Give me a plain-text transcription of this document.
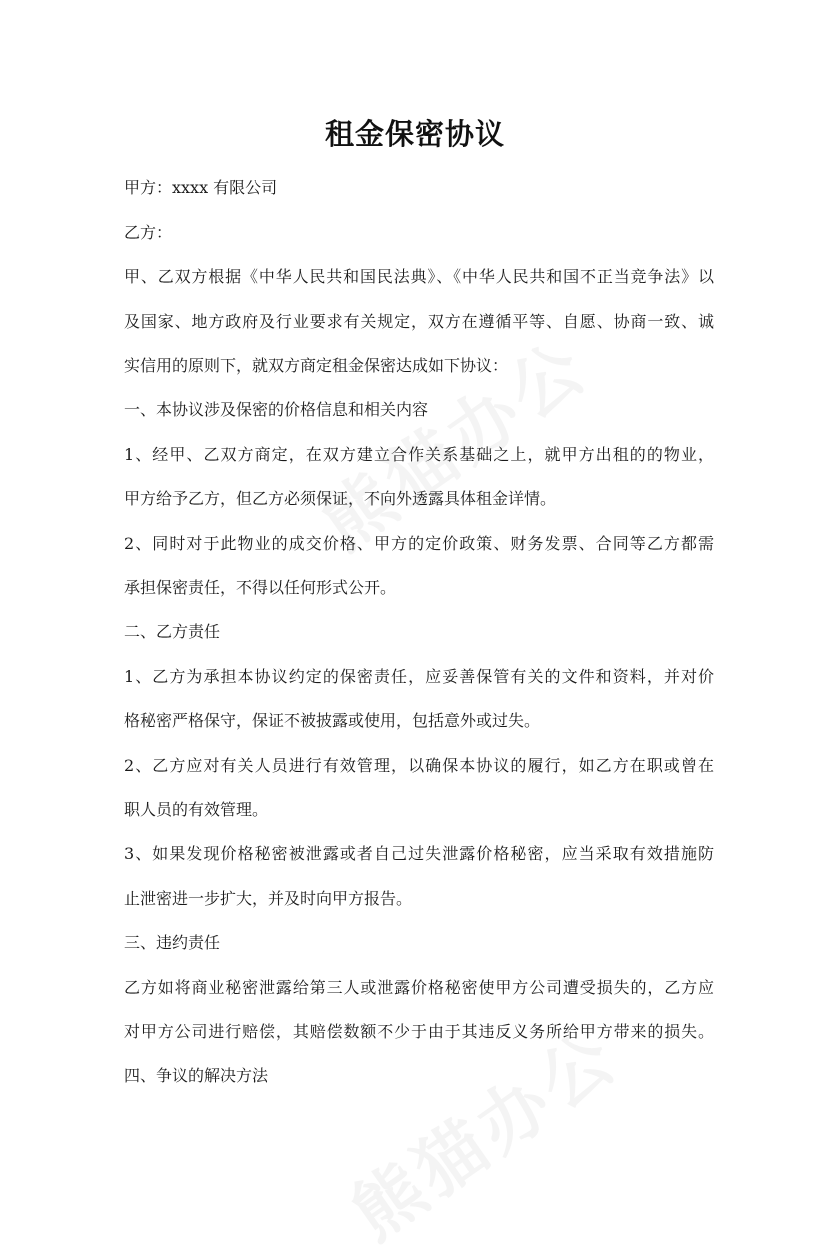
租金保密协议

甲方：xxxx 有限公司

乙方：

甲、乙双方根据《中华人民共和国民法典》、《中华人民共和国不正当竞争法》以

及国家、地方政府及行业要求有关规定，双方在遵循平等、自愿、协商一致、诚

实信用的原则下，就双方商定租金保密达成如下协议：

一、本协议涉及保密的价格信息和相关内容

1、经甲、乙双方商定，在双方建立合作关系基础之上，就甲方出租的的物业，

甲方给予乙方，但乙方必须保证，不向外透露具体租金详情。

2、同时对于此物业的成交价格、甲方的定价政策、财务发票、合同等乙方都需

承担保密责任，不得以任何形式公开。

二、乙方责任

1、乙方为承担本协议约定的保密责任，应妥善保管有关的文件和资料，并对价

格秘密严格保守，保证不被披露或使用，包括意外或过失。

2、乙方应对有关人员进行有效管理，以确保本协议的履行，如乙方在职或曾在

职人员的有效管理。

3、如果发现价格秘密被泄露或者自己过失泄露价格秘密，应当采取有效措施防

止泄密进一步扩大，并及时向甲方报告。

三、违约责任

乙方如将商业秘密泄露给第三人或泄露价格秘密使甲方公司遭受损失的，乙方应

对甲方公司进行赔偿，其赔偿数额不少于由于其违反义务所给甲方带来的损失。

四、争议的解决方法
